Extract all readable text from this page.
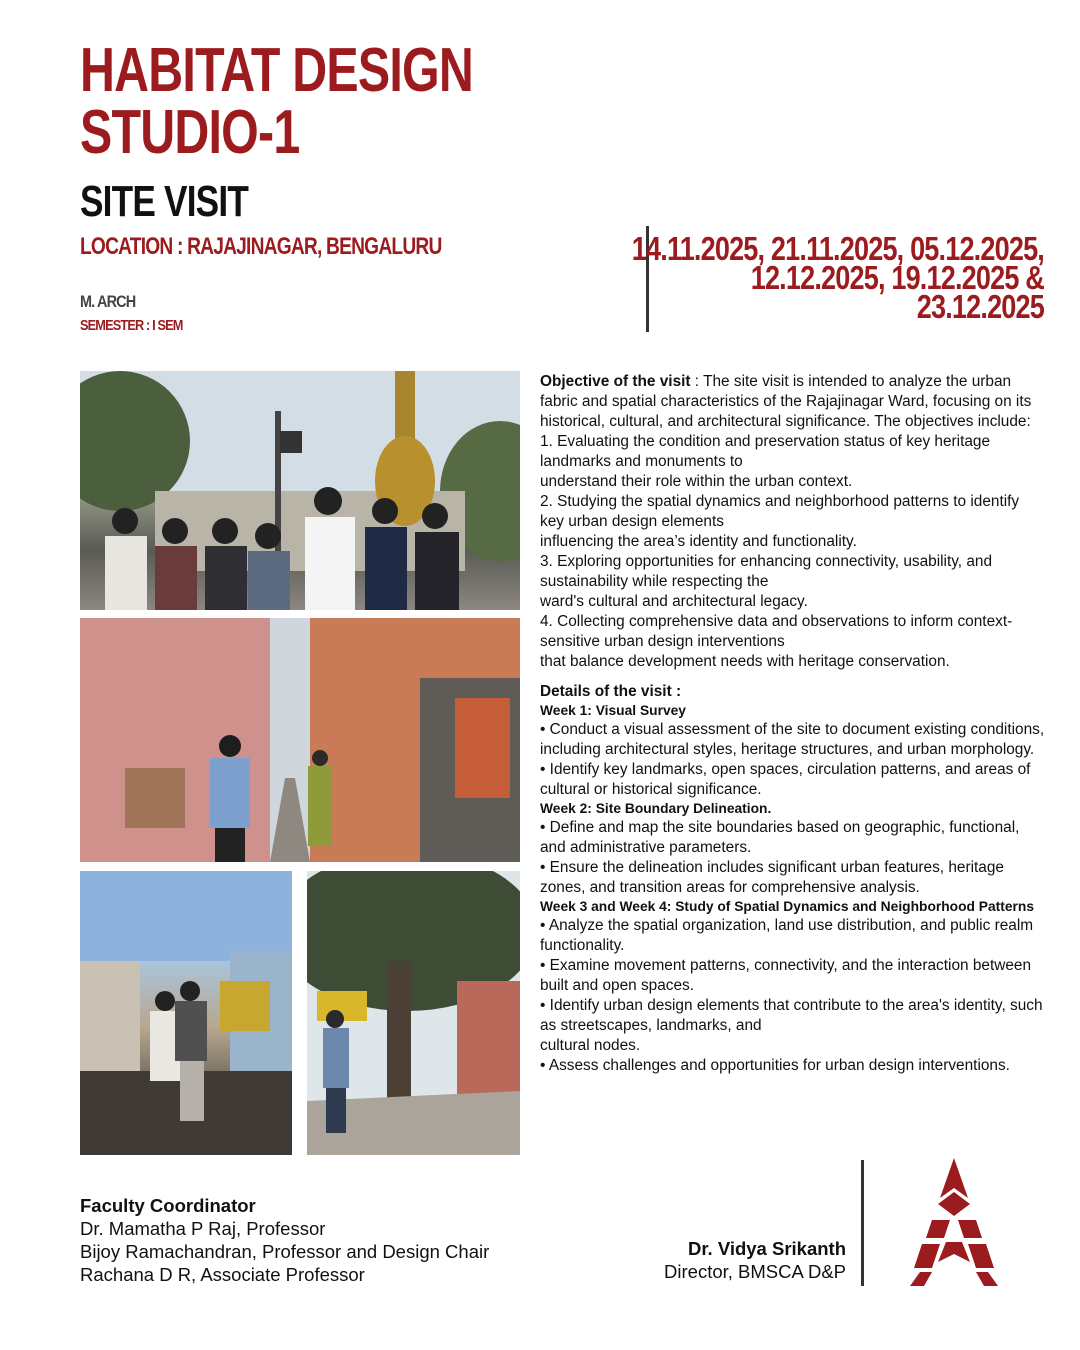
HABITAT DESIGN
STUDIO-1
SITE VISIT
LOCATION : RAJAJINAGAR, BENGALURU
M. ARCH
SEMESTER : I SEM
14.11.2025, 21.11.2025, 05.12.2025,
12.12.2025, 19.12.2025 &
23.12.2025

Objective of the visit : The site visit is intended to analyze the urban fabric and spatial characteristics of the Rajajinagar Ward, focusing on its historical, cultural, and architectural significance. The objectives include:

1. Evaluating the condition and preservation status of key heritage landmarks and monuments to
understand their role within the urban context.

2. Studying the spatial dynamics and neighborhood patterns to identify key urban design elements
influencing the area’s identity and functionality.

3. Exploring opportunities for enhancing connectivity, usability, and sustainability while respecting the
ward's cultural and architectural legacy.

4. Collecting comprehensive data and observations to inform context-sensitive urban design interventions
that balance development needs with heritage conservation.

Details of the visit :

Week 1: Visual Survey

• Conduct a visual assessment of the site to document existing conditions, including architectural styles, heritage structures, and urban morphology.

• Identify key landmarks, open spaces, circulation patterns, and areas of cultural or historical significance.

Week 2: Site Boundary Delineation.

• Define and map the site boundaries based on geographic, functional, and administrative parameters.

• Ensure the delineation includes significant urban features, heritage zones, and transition areas for comprehensive analysis.

Week 3 and Week 4: Study of Spatial Dynamics and Neighborhood Patterns

• Analyze the spatial organization, land use distribution, and public realm functionality.

• Examine movement patterns, connectivity, and the interaction between built and open spaces.

• Identify urban design elements that contribute to the area's identity, such as streetscapes, landmarks, and
cultural nodes.

• Assess challenges and opportunities for urban design interventions.

Faculty Coordinator
Dr. Mamatha P Raj, Professor
Bijoy Ramachandran, Professor and Design Chair
Rachana D R, Associate Professor
Dr. Vidya Srikanth
Director, BMSCA D&P
